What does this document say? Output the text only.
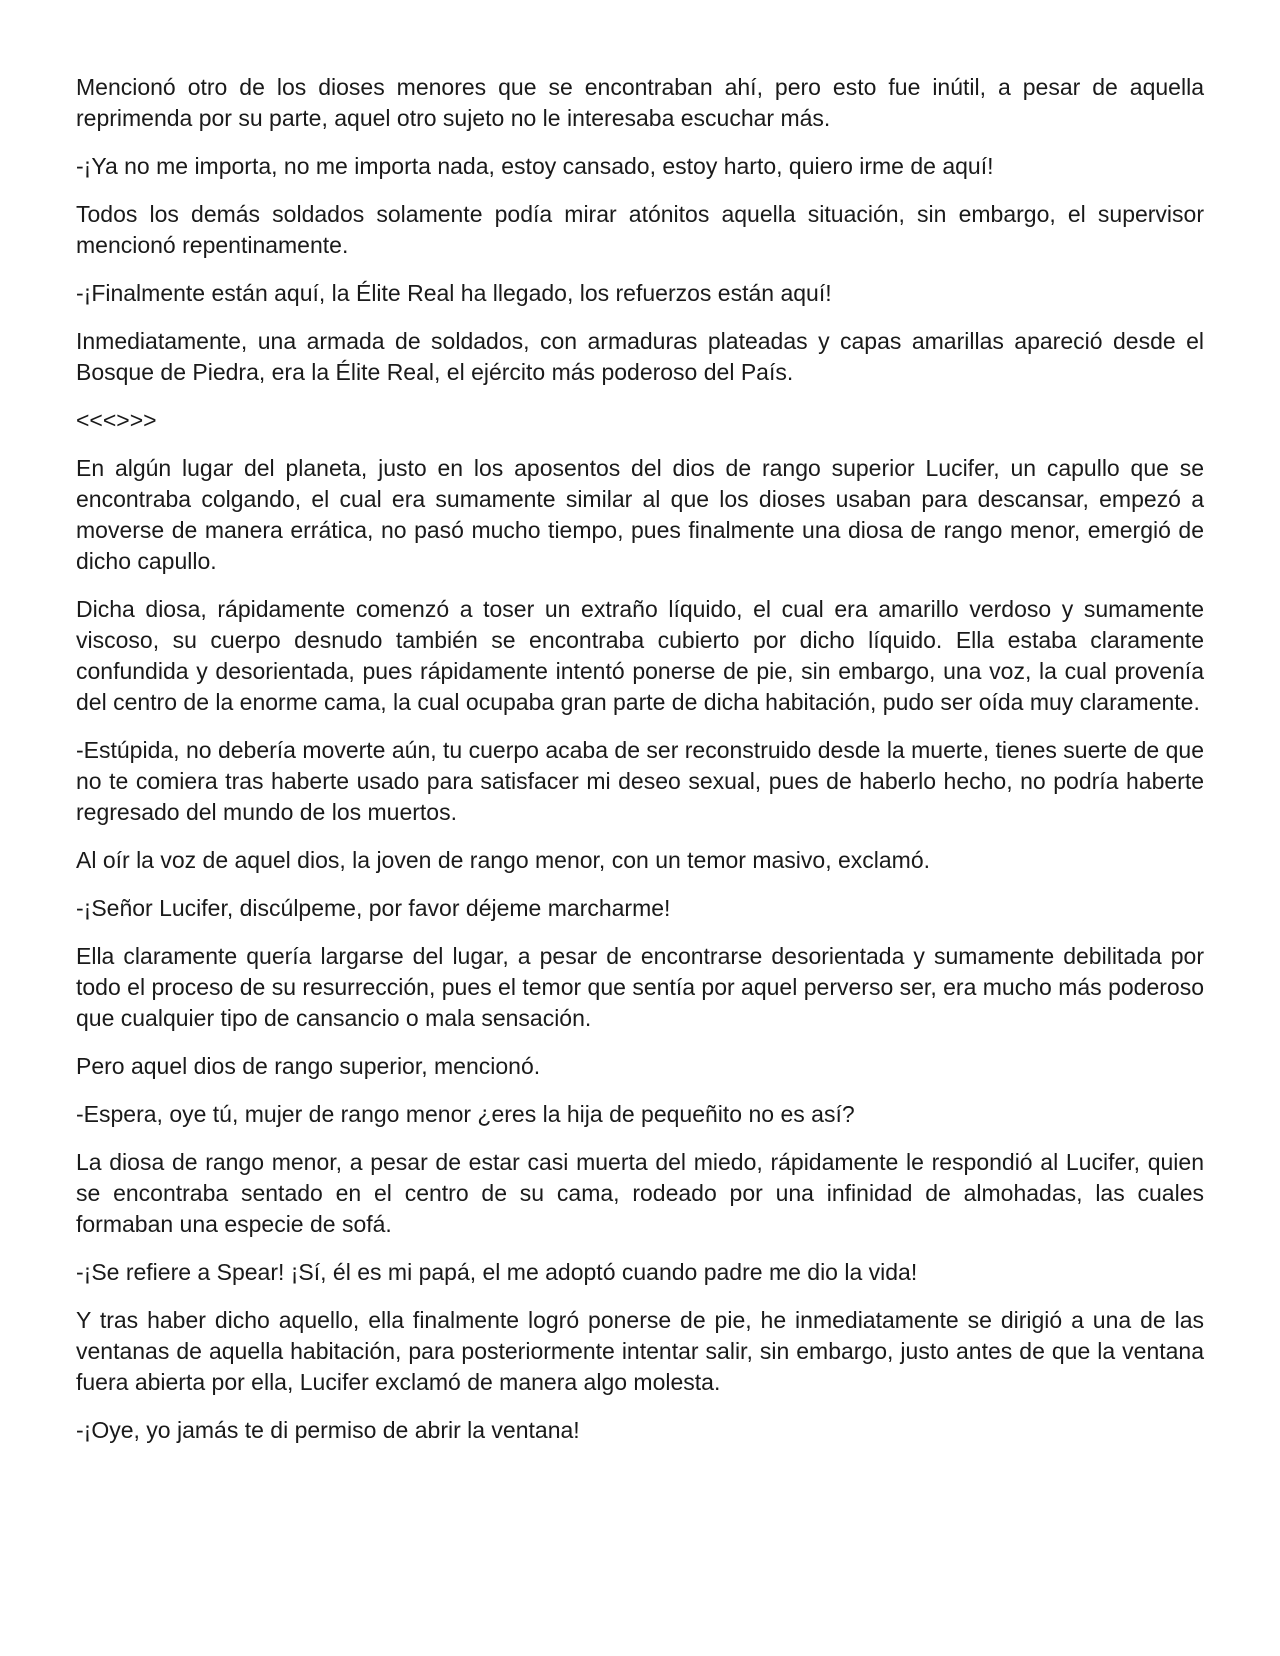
Mencionó otro de los dioses menores que se encontraban ahí, pero esto fue inútil, a pesar de aquella reprimenda por su parte, aquel otro sujeto no le interesaba escuchar más.

-¡Ya no me importa, no me importa nada, estoy cansado, estoy harto, quiero irme de aquí!

Todos los demás soldados solamente podía mirar atónitos aquella situación, sin embargo, el supervisor mencionó repentinamente.

-¡Finalmente están aquí, la Élite Real ha llegado, los refuerzos están aquí!

Inmediatamente, una armada de soldados, con armaduras plateadas y capas amarillas apareció desde el Bosque de Piedra, era la Élite Real, el ejército más poderoso del País.

<<<>>>

En algún lugar del planeta, justo en los aposentos del dios de rango superior Lucifer, un capullo que se encontraba colgando, el cual era sumamente similar al que los dioses usaban para descansar, empezó a moverse de manera errática, no pasó mucho tiempo, pues finalmente una diosa de rango menor, emergió de dicho capullo.

Dicha diosa, rápidamente comenzó a toser un extraño líquido, el cual era amarillo verdoso y sumamente viscoso, su cuerpo desnudo también se encontraba cubierto por dicho líquido. Ella estaba claramente confundida y desorientada, pues rápidamente intentó ponerse de pie, sin embargo, una voz, la cual provenía del centro de la enorme cama, la cual ocupaba gran parte de dicha habitación, pudo ser oída muy claramente.

-Estúpida, no debería moverte aún, tu cuerpo acaba de ser reconstruido desde la muerte, tienes suerte de que no te comiera tras haberte usado para satisfacer mi deseo sexual, pues de haberlo hecho, no podría haberte regresado del mundo de los muertos.

Al oír la voz de aquel dios, la joven de rango menor, con un temor masivo, exclamó.

-¡Señor Lucifer, discúlpeme, por favor déjeme marcharme!

Ella claramente quería largarse del lugar, a pesar de encontrarse desorientada y sumamente debilitada por todo el proceso de su resurrección, pues el temor que sentía por aquel perverso ser, era mucho más poderoso que cualquier tipo de cansancio o mala sensación.

Pero aquel dios de rango superior, mencionó.

-Espera, oye tú, mujer de rango menor ¿eres la hija de pequeñito no es así?

La diosa de rango menor, a pesar de estar casi muerta del miedo, rápidamente le respondió al Lucifer, quien se encontraba sentado en el centro de su cama, rodeado por una infinidad de almohadas, las cuales formaban una especie de sofá.

-¡Se refiere a Spear! ¡Sí, él es mi papá, el me adoptó cuando padre me dio la vida!

Y tras haber dicho aquello, ella finalmente logró ponerse de pie, he inmediatamente se dirigió a una de las ventanas de aquella habitación, para posteriormente intentar salir, sin embargo, justo antes de que la ventana fuera abierta por ella, Lucifer exclamó de manera algo molesta.

-¡Oye, yo jamás te di permiso de abrir la ventana!
